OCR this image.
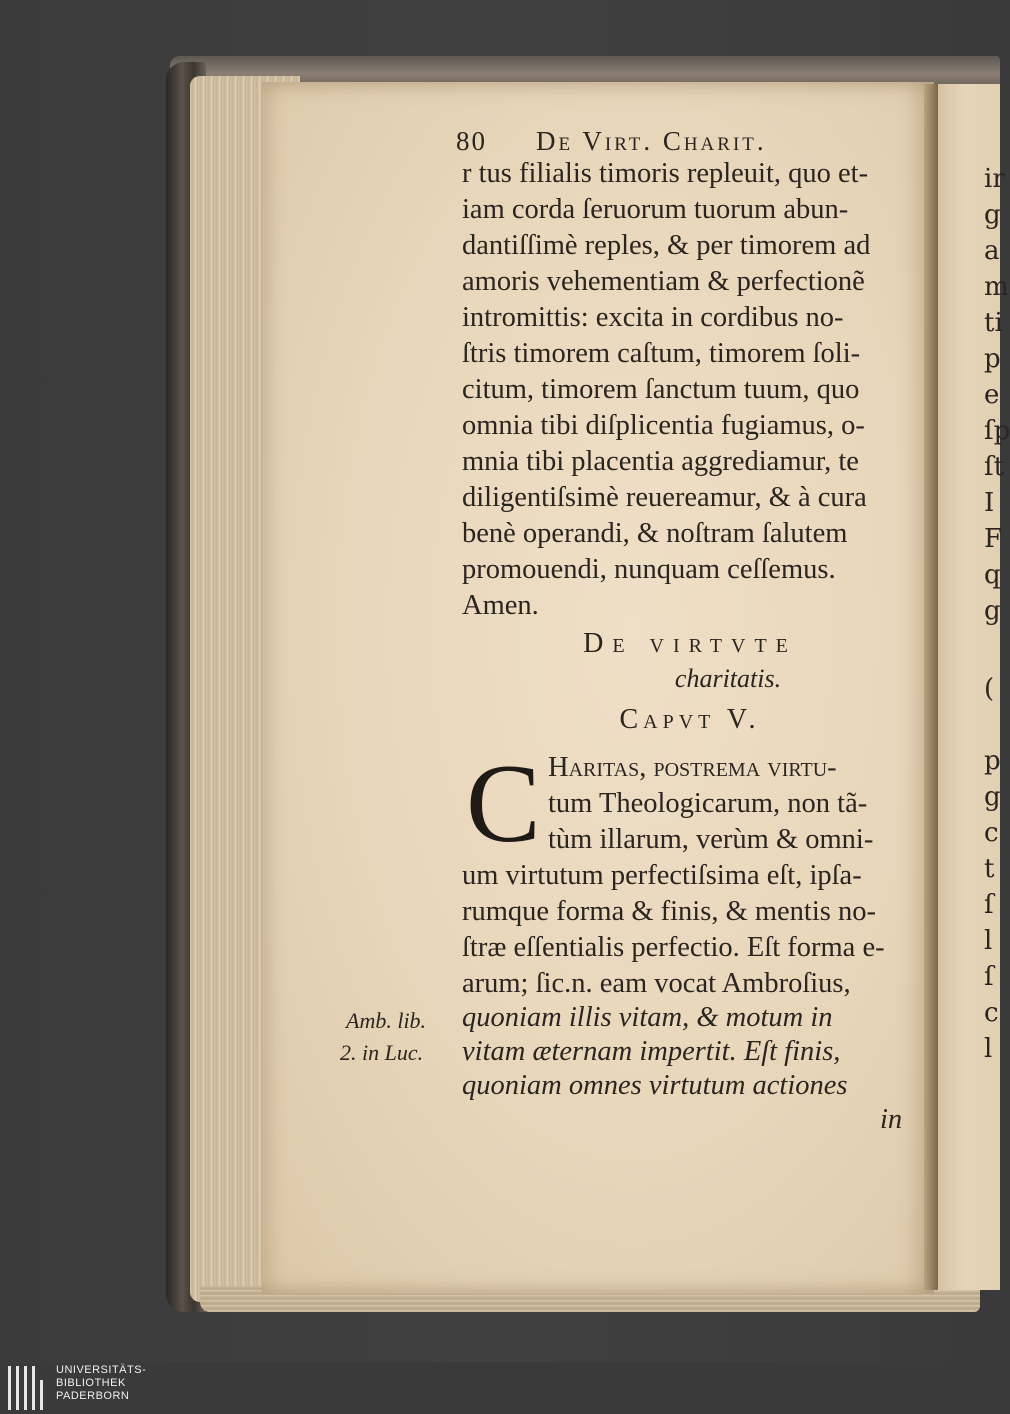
ir
g
a
m
ti
p
e
ſp
ſt
I
F
q
g
(
p
g
c
t
ſ
l
ſ
c
l
80 De Virt. Charit.
r tus filialis timoris repleuit, quo et-
iam corda ſeruorum tuorum abun-
dantiſſimè reples, & per timorem ad
amoris vehementiam & perfectionẽ
intromittis: excita in cordibus no-
ſtris timorem caſtum, timorem ſoli-
citum, timorem ſanctum tuum, quo
omnia tibi diſplicentia fugiamus, o-
mnia tibi placentia aggrediamur, te
diligentiſsimè reuereamur, & à cura
benè operandi, & noſtram ſalutem
promouendi, nunquam ceſſemus.
Amen.
De virtvte
charitatis.
Capvt V.
C Haritas, poſtrema virtu-
tum Theologicarum, non tã-
tùm illarum, verùm & omni-
um virtutum perfectiſsima eſt, ipſa-
rumque forma & finis, & mentis no-
ſtræ eſſentialis perfectio. Eſt forma e-
arum; ſic.n. eam vocat Ambroſius,
quoniam illis vitam, & motum in
vitam æternam impertit. Eſt finis,
quoniam omnes virtutum actiones
in
Amb. lib.
2. in Luc.
UNIVERSITÄTS-
BIBLIOTHEK
PADERBORN
